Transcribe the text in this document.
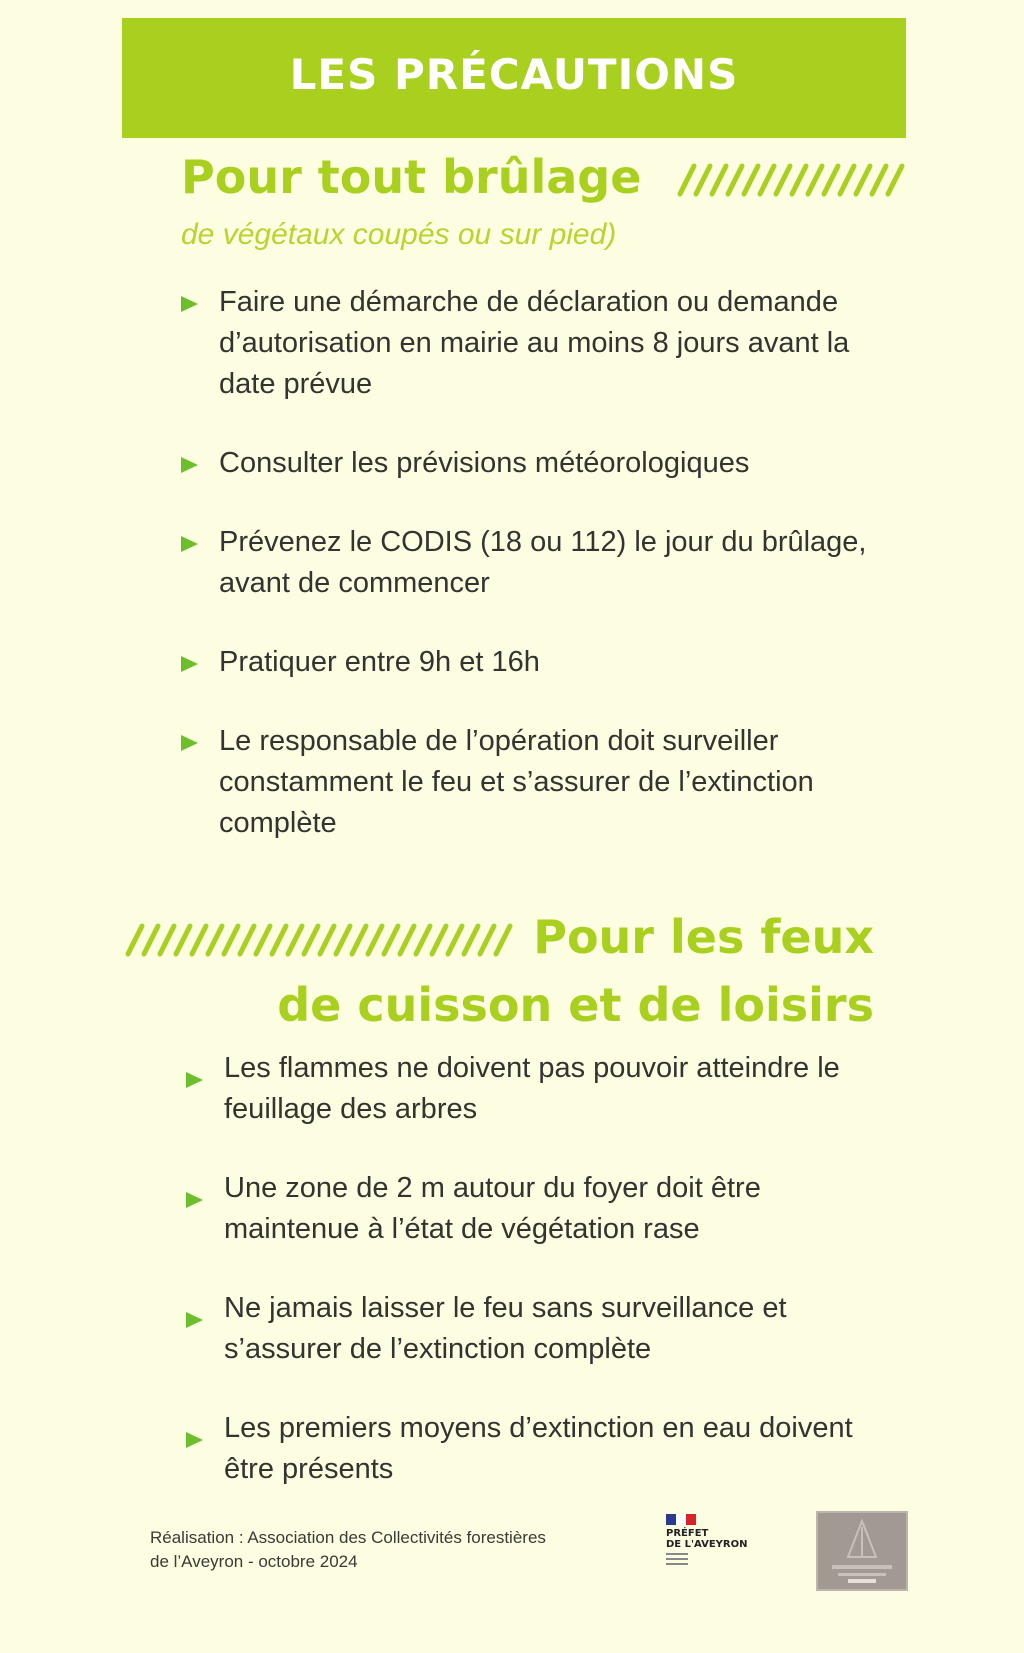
LES PRÉCAUTIONS
Pour tout brûlage
de végétaux coupés ou sur pied)
Faire une démarche de déclaration ou demande d’autorisation en mairie au moins 8 jours avant la date prévue
Consulter les prévisions météorologiques
Prévenez le CODIS (18 ou 112) le jour du brûlage, avant de commencer
Pratiquer entre 9h et 16h
Le responsable de l’opération doit surveiller constamment le feu et s’assurer de l’extinction complète
Pour les feux
de cuisson et de loisirs
Les flammes ne doivent pas pouvoir atteindre le feuillage des arbres
Une zone de 2 m autour du foyer doit être maintenue à l’état de végétation rase
Ne jamais laisser le feu sans surveillance et s’assurer de l’extinction complète
Les premiers moyens d’extinction en eau doivent être présents
Réalisation : Association des Collectivités forestières
de l’Aveyron - octobre 2024
PRÉFET
DE L'AVEYRON
